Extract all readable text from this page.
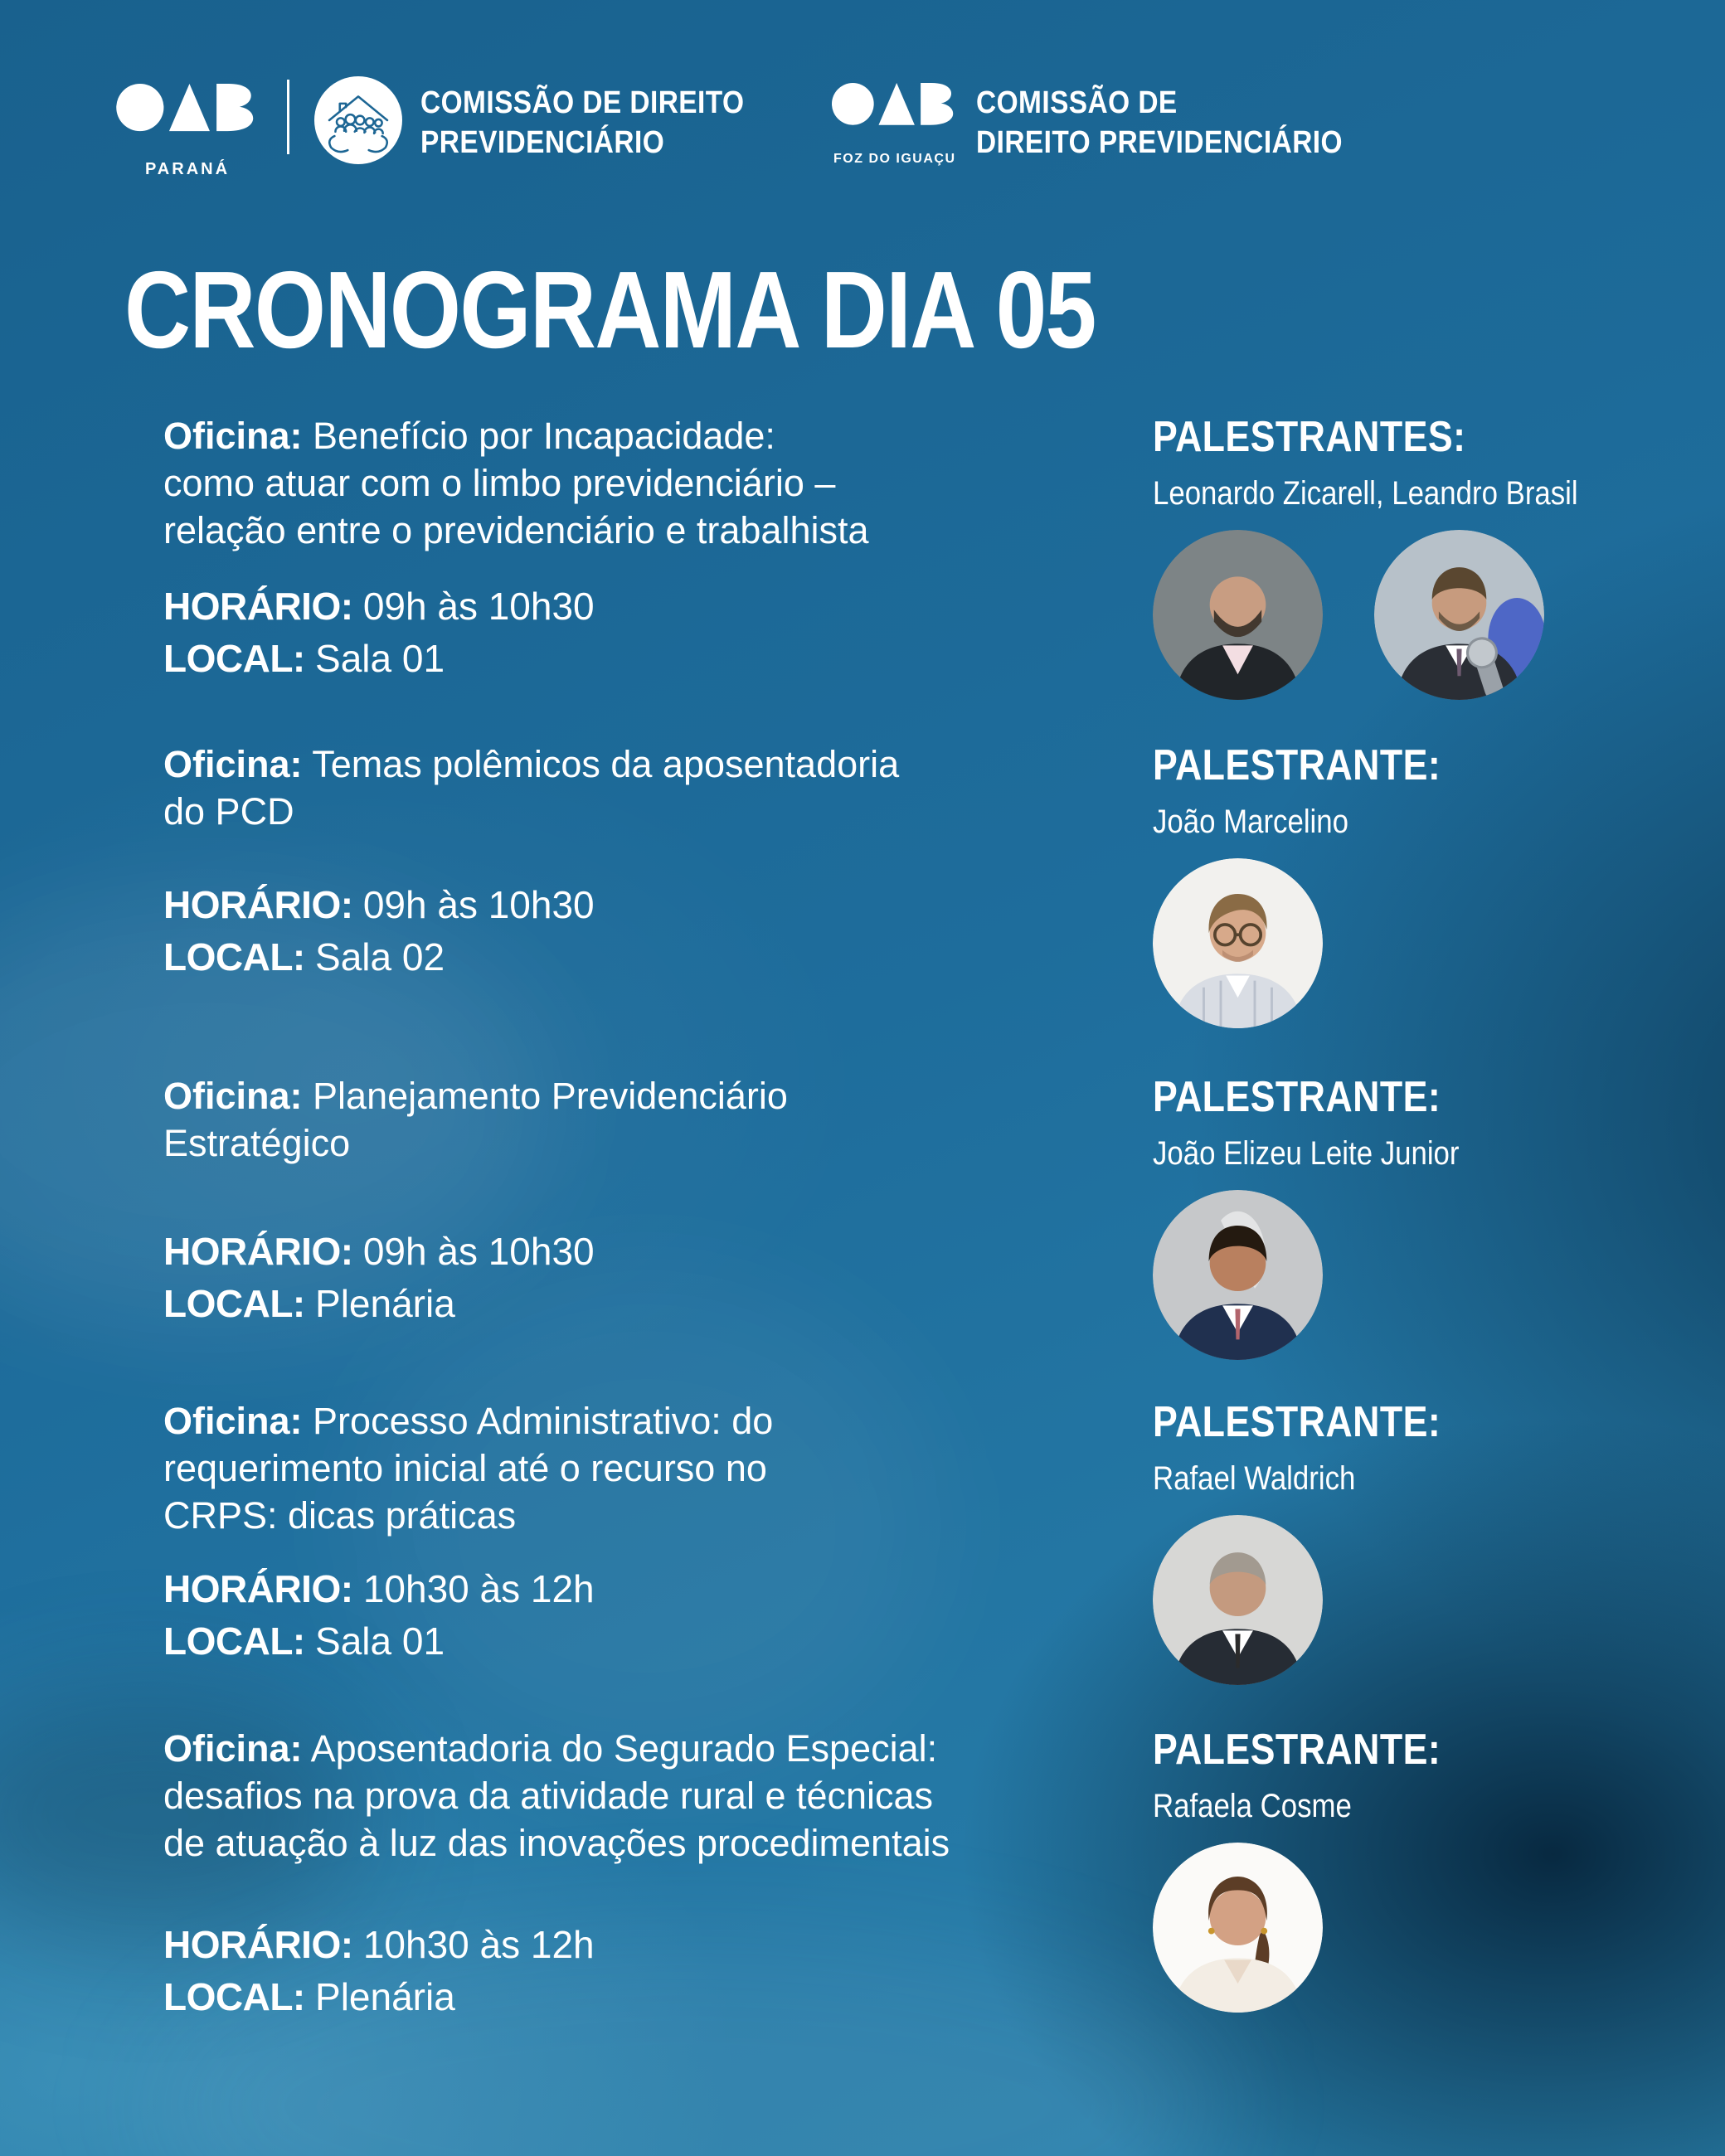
PARANÁ
COMISSÃO DE DIREITO
PREVIDENCIÁRIO	FOZ DO IGUAÇU
COMISSÃO DE
DIREITO PREVIDENCIÁRIO
CRONOGRAMA DIA 05

Oficina: Benefício por Incapacidade:
como atuar com o limbo previdenciário –
relação entre o previdenciário e trabalhista

HORÁRIO: 09h às 10h30

LOCAL: Sala 01

PALESTRANTES:

Leonardo Zicarell, Leandro Brasil

Oficina: Temas polêmicos da aposentadoria
do PCD

HORÁRIO: 09h às 10h30

LOCAL: Sala 02

PALESTRANTE:

João Marcelino

Oficina: Planejamento Previdenciário
Estratégico

HORÁRIO: 09h às 10h30

LOCAL: Plenária

PALESTRANTE:

João Elizeu Leite Junior

Oficina: Processo Administrativo: do
requerimento inicial até o recurso no
CRPS: dicas práticas

HORÁRIO: 10h30 às 12h

LOCAL: Sala 01

PALESTRANTE:

Rafael Waldrich

Oficina: Aposentadoria do Segurado Especial:
desafios na prova da atividade rural e técnicas
de atuação à luz das inovações procedimentais

HORÁRIO: 10h30 às 12h

LOCAL: Plenária

PALESTRANTE:

Rafaela Cosme
